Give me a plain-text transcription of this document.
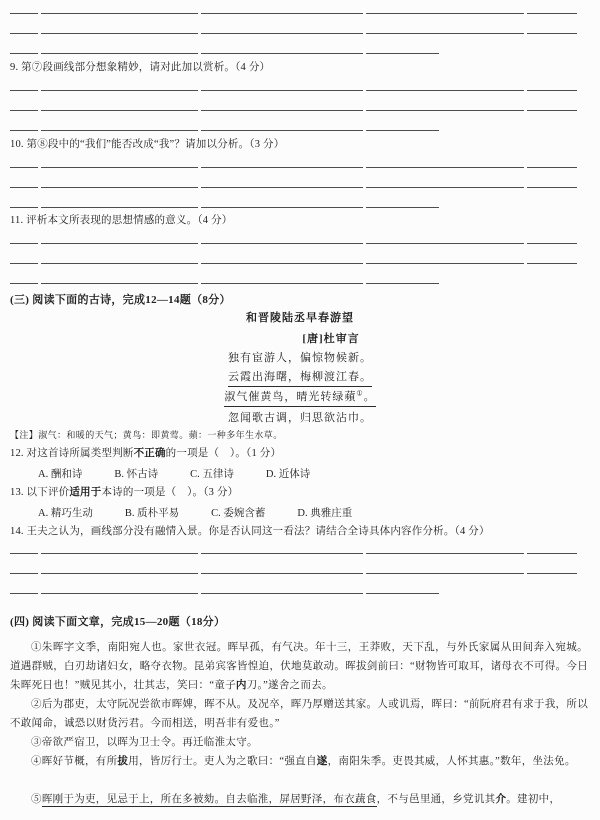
9. 第⑦段画线部分想象精妙，请对此加以赏析。（4 分）
10. 第⑧段中的“我们”能否改成“我”？请加以分析。（3 分）
11. 评析本文所表现的思想情感的意义。（4 分）
(三) 阅读下面的古诗，完成12—14题（8分）
和晋陵陆丞早春游望
[唐]杜审言
独有宦游人，偏惊物候新。
云霞出海曙，梅柳渡江春。
淑气催黄鸟，晴光转绿蘋①。
忽闻歌古调，归思欲沾巾。
【注】淑气：和暖的天气；黄鸟：即黄莺。蘋：一种多年生水草。
12. 对这首诗所属类型判断不正确的一项是（　）。（1 分）
A. 酬和诗	B. 怀古诗	C. 五律诗	D. 近体诗
13. 以下评价适用于本诗的一项是（　）。（3 分）
A. 精巧生动	B. 质朴平易	C. 委婉含蓄	D. 典雅庄重
14. 王夫之认为，画线部分没有融情入景。你是否认同这一看法？请结合全诗具体内容作分析。（4 分）
(四) 阅读下面文章，完成15—20题（18分）
①朱晖字文季，南阳宛人也。家世衣冠。晖早孤，有气决。年十三，王莽败，天下乱，与外氏家属从田间奔入宛城。道遇群贼，白刃劫诸妇女，略夺衣物。昆弟宾客皆惶迫，伏地莫敢动。晖拔剑前曰：“财物皆可取耳，诸母衣不可得。今日朱晖死日也！”贼见其小，壮其志，笑曰：“童子内刀。”遂舍之而去。
②后为郡吏，太守阮况尝欲市晖婢，晖不从。及况卒，晖乃厚赠送其家。人或讥焉，晖曰：“前阮府君有求于我，所以不敢闻命，诚恐以财货污君。今而相送，明吾非有爱也。”
③帝欲严宿卫，以晖为卫士令。再迁临淮太守。
④晖好节概，有所拔用，皆厉行士。吏人为之歌曰：“强直自遂，南阳朱季。吏畏其威，人怀其惠。”数年，坐法免。
⑤晖刚于为吏，见忌于上，所在多被劾。自去临淮，屏居野泽，布衣蔬食，不与邑里通，乡党讥其介。建初中，
